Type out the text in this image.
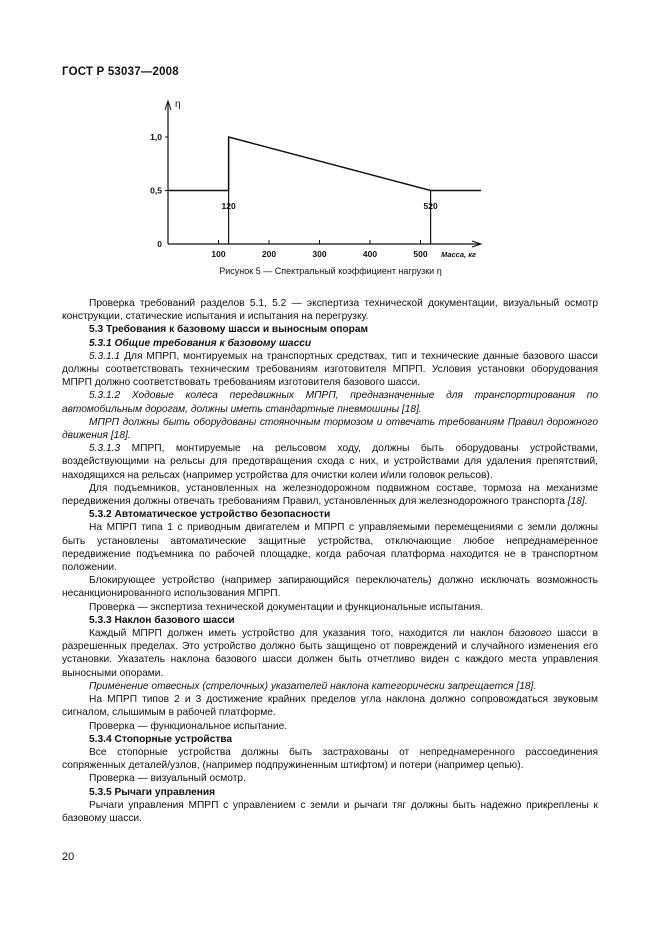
ГОСТ Р 53037—2008
η
Масса, кг
0
0,5
1,0
100	200	300	400	500
120	520
Рисунок 5 — Спектральный коэффициент нагрузки η

Проверка требований разделов 5.1, 5.2 — экспертиза технической документации, визуальный осмотр конструкции, статические испытания и испытания на перегрузку.

5.3 Требования к базовому шасси и выносным опорам

5.3.1 Общие требования к базовому шасси

5.3.1.1 Для МПРП, монтируемых на транспортных средствах, тип и технические данные базового шасси должны соответствовать техническим требованиям изготовителя МПРП. Условия установки оборудования МПРП должно соответствовать требованиям изготовителя базового шасси.

5.3.1.2 Ходовые колеса передвижных МПРП, предназначенные для транспортирования по автомобильным дорогам, должны иметь стандартные пневмошины [18].

МПРП должны быть оборудованы стояночным тормозом и отвечать требованиям Правил дорожного движения [18].

5.3.1.3 МПРП, монтируемые на рельсовом ходу, должны быть оборудованы устройствами, воздействующими на рельсы для предотвращения схода с них, и устройствами для удаления препятствий, находящихся на рельсах (например устройства для очистки колеи и/или головок рельсов).

Для подъемников, установленных на железнодорожном подвижном составе, тормоза на механизме передвижения должны отвечать требованиям Правил, установленных для железнодорожного транспорта [18].

5.3.2 Автоматическое устройство безопасности

На МПРП типа 1 с приводным двигателем и МПРП с управляемыми перемещениями с земли должны быть установлены автоматические защитные устройства, отключающие любое непреднамеренное передвижение подъемника по рабочей площадке, когда рабочая платформа находится не в транспортном положении.

Блокирующее устройство (например запирающийся переключатель) должно исключать возможность несанкционированного использования МПРП.

Проверка — экспертиза технической документации и функциональные испытания.

5.3.3 Наклон базового шасси

Каждый МПРП должен иметь устройство для указания того, находится ли наклон базового шасси в разрешенных пределах. Это устройство должно быть защищено от повреждений и случайного изменения его установки. Указатель наклона базового шасси должен быть отчетливо виден с каждого места управления выносными опорами.

Применение отвесных (стрелочных) указателей наклона категорически запрещается [18].

На МПРП типов 2 и 3 достижение крайних пределов угла наклона должно сопровождаться звуковым сигналом, слышимым в рабочей платформе.

Проверка — функциональное испытание.

5.3.4 Стопорные устройства

Все стопорные устройства должны быть застрахованы от непреднамеренного рассоединения сопряженных деталей/узлов, (например подпружиненным штифтом) и потери (например цепью).

Проверка — визуальный осмотр.

5.3.5 Рычаги управления

Рычаги управления МПРП с управлением с земли и рычаги тяг должны быть надежно прикреплены к базовому шасси.

20
